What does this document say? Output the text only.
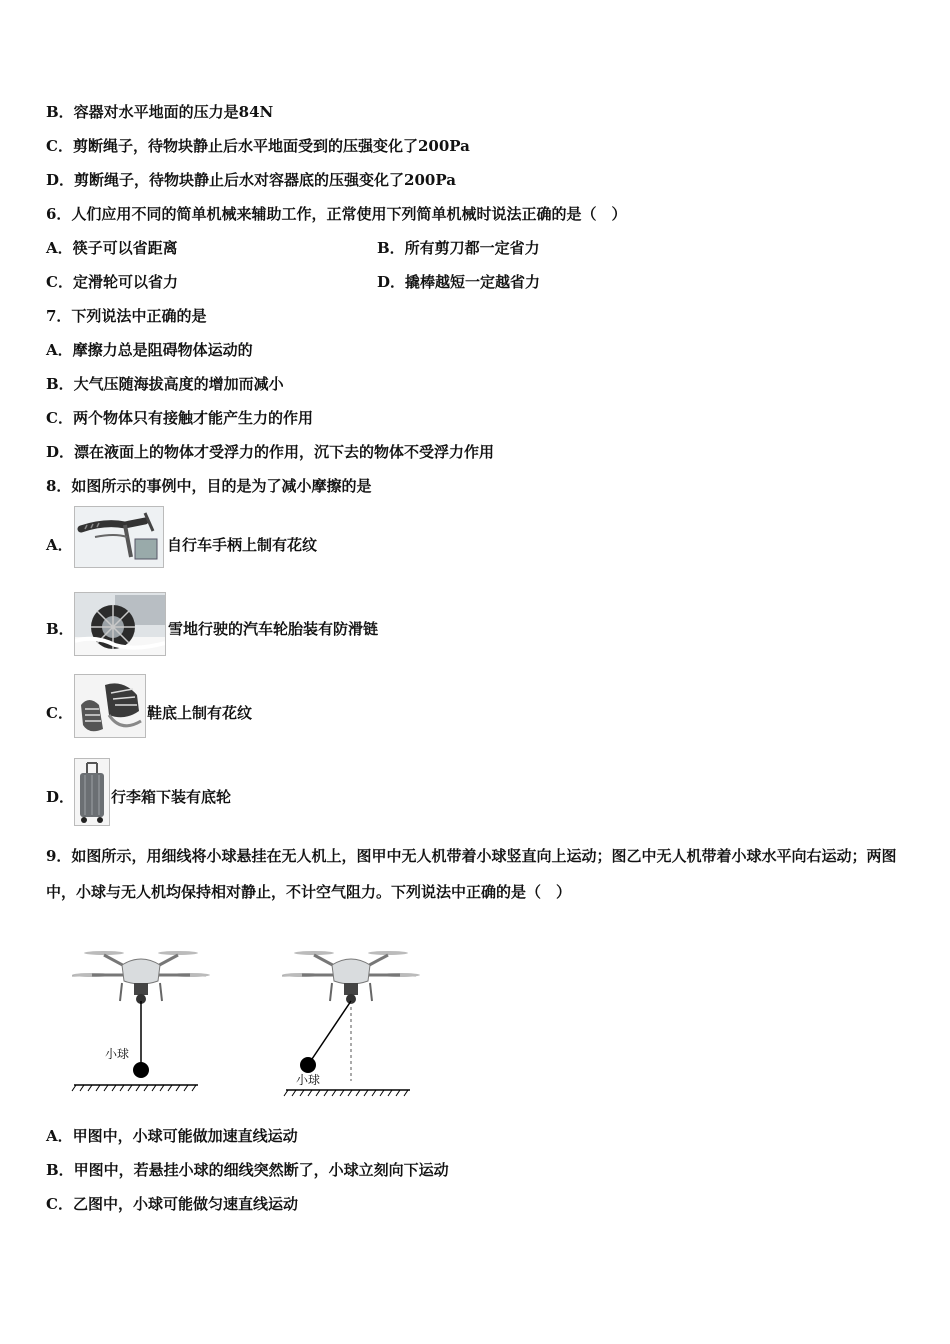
B．容器对水平地面的压力是84N
C．剪断绳子，待物块静止后水平地面受到的压强变化了200Pa
D．剪断绳子，待物块静止后水对容器底的压强变化了200Pa
6．人们应用不同的简单机械来辅助工作，正常使用下列简单机械时说法正确的是（　）
A．筷子可以省距离	B．所有剪刀都一定省力
C．定滑轮可以省力	D．撬棒越短一定越省力
7．下列说法中正确的是
A．摩擦力总是阻碍物体运动的
B．大气压随海拔高度的增加而减小
C．两个物体只有接触才能产生力的作用
D．漂在液面上的物体才受浮力的作用，沉下去的物体不受浮力作用
8．如图所示的事例中，目的是为了减小摩擦的是
A．	自行车手柄上制有花纹
B．	雪地行驶的汽车轮胎装有防滑链
C．	鞋底上制有花纹
D． 行李箱下装有底轮
9．如图所示，用细线将小球悬挂在无人机上，图甲中无人机带着小球竖直向上运动；图乙中无人机带着小球水平向右运动；两图中，小球与无人机均保持相对静止，不计空气阻力。下列说法中正确的是（　）
小球
小球
A．甲图中，小球可能做加速直线运动
B．甲图中，若悬挂小球的细线突然断了，小球立刻向下运动
C．乙图中，小球可能做匀速直线运动
